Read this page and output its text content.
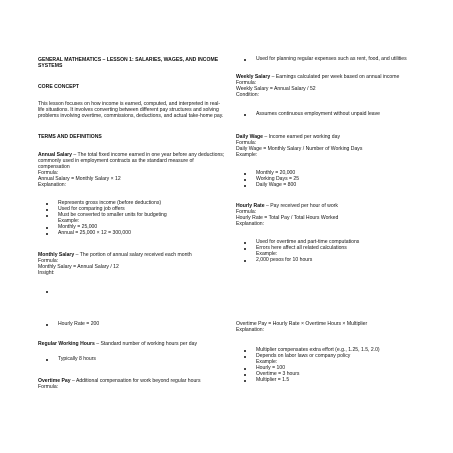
GENERAL MATHEMATICS – LESSON 1: SALARIES, WAGES, AND INCOME
SYSTEMS
CORE CONCEPT
This lesson focuses on how income is earned, computed, and interpreted in real-
life situations. It involves converting between different pay structures and solving
problems involving overtime, commissions, deductions, and actual take-home pay.
TERMS AND DEFINITIONS
Annual Salary – The total fixed income earned in one year before any deductions;
commonly used in employment contracts as the standard measure of
compensation
Formula:
Annual Salary = Monthly Salary × 12
Explanation:
Represents gross income (before deductions)
Used for comparing job offers
Must be converted to smaller units for budgeting
Example:
Monthly = 25,000
Annual = 25,000 × 12 = 300,000
Monthly Salary – The portion of annual salary received each month
Formula:
Monthly Salary = Annual Salary / 12
Insight:
Hourly Rate = 200
Regular Working Hours – Standard number of working hours per day
Typically 8 hours
Overtime Pay – Additional compensation for work beyond regular hours
Formula:
Used for planning regular expenses such as rent, food, and utilities
Weekly Salary – Earnings calculated per week based on annual income
Formula:
Weekly Salary = Annual Salary / 52
Condition:
Assumes continuous employment without unpaid leave
Daily Wage – Income earned per working day
Formula:
Daily Wage = Monthly Salary / Number of Working Days
Example:
Monthly = 20,000
Working Days = 25
Daily Wage = 800
Hourly Rate – Pay received per hour of work
Formula:
Hourly Rate = Total Pay / Total Hours Worked
Explanation:
Used for overtime and part-time computations
Errors here affect all related calculations
Example:
2,000 pesos for 10 hours
Overtime Pay = Hourly Rate × Overtime Hours × Multiplier
Explanation:
Multiplier compensates extra effort (e.g., 1.25, 1.5, 2.0)
Depends on labor laws or company policy
Example:
Hourly = 100
Overtime = 3 hours
Multiplier = 1.5
